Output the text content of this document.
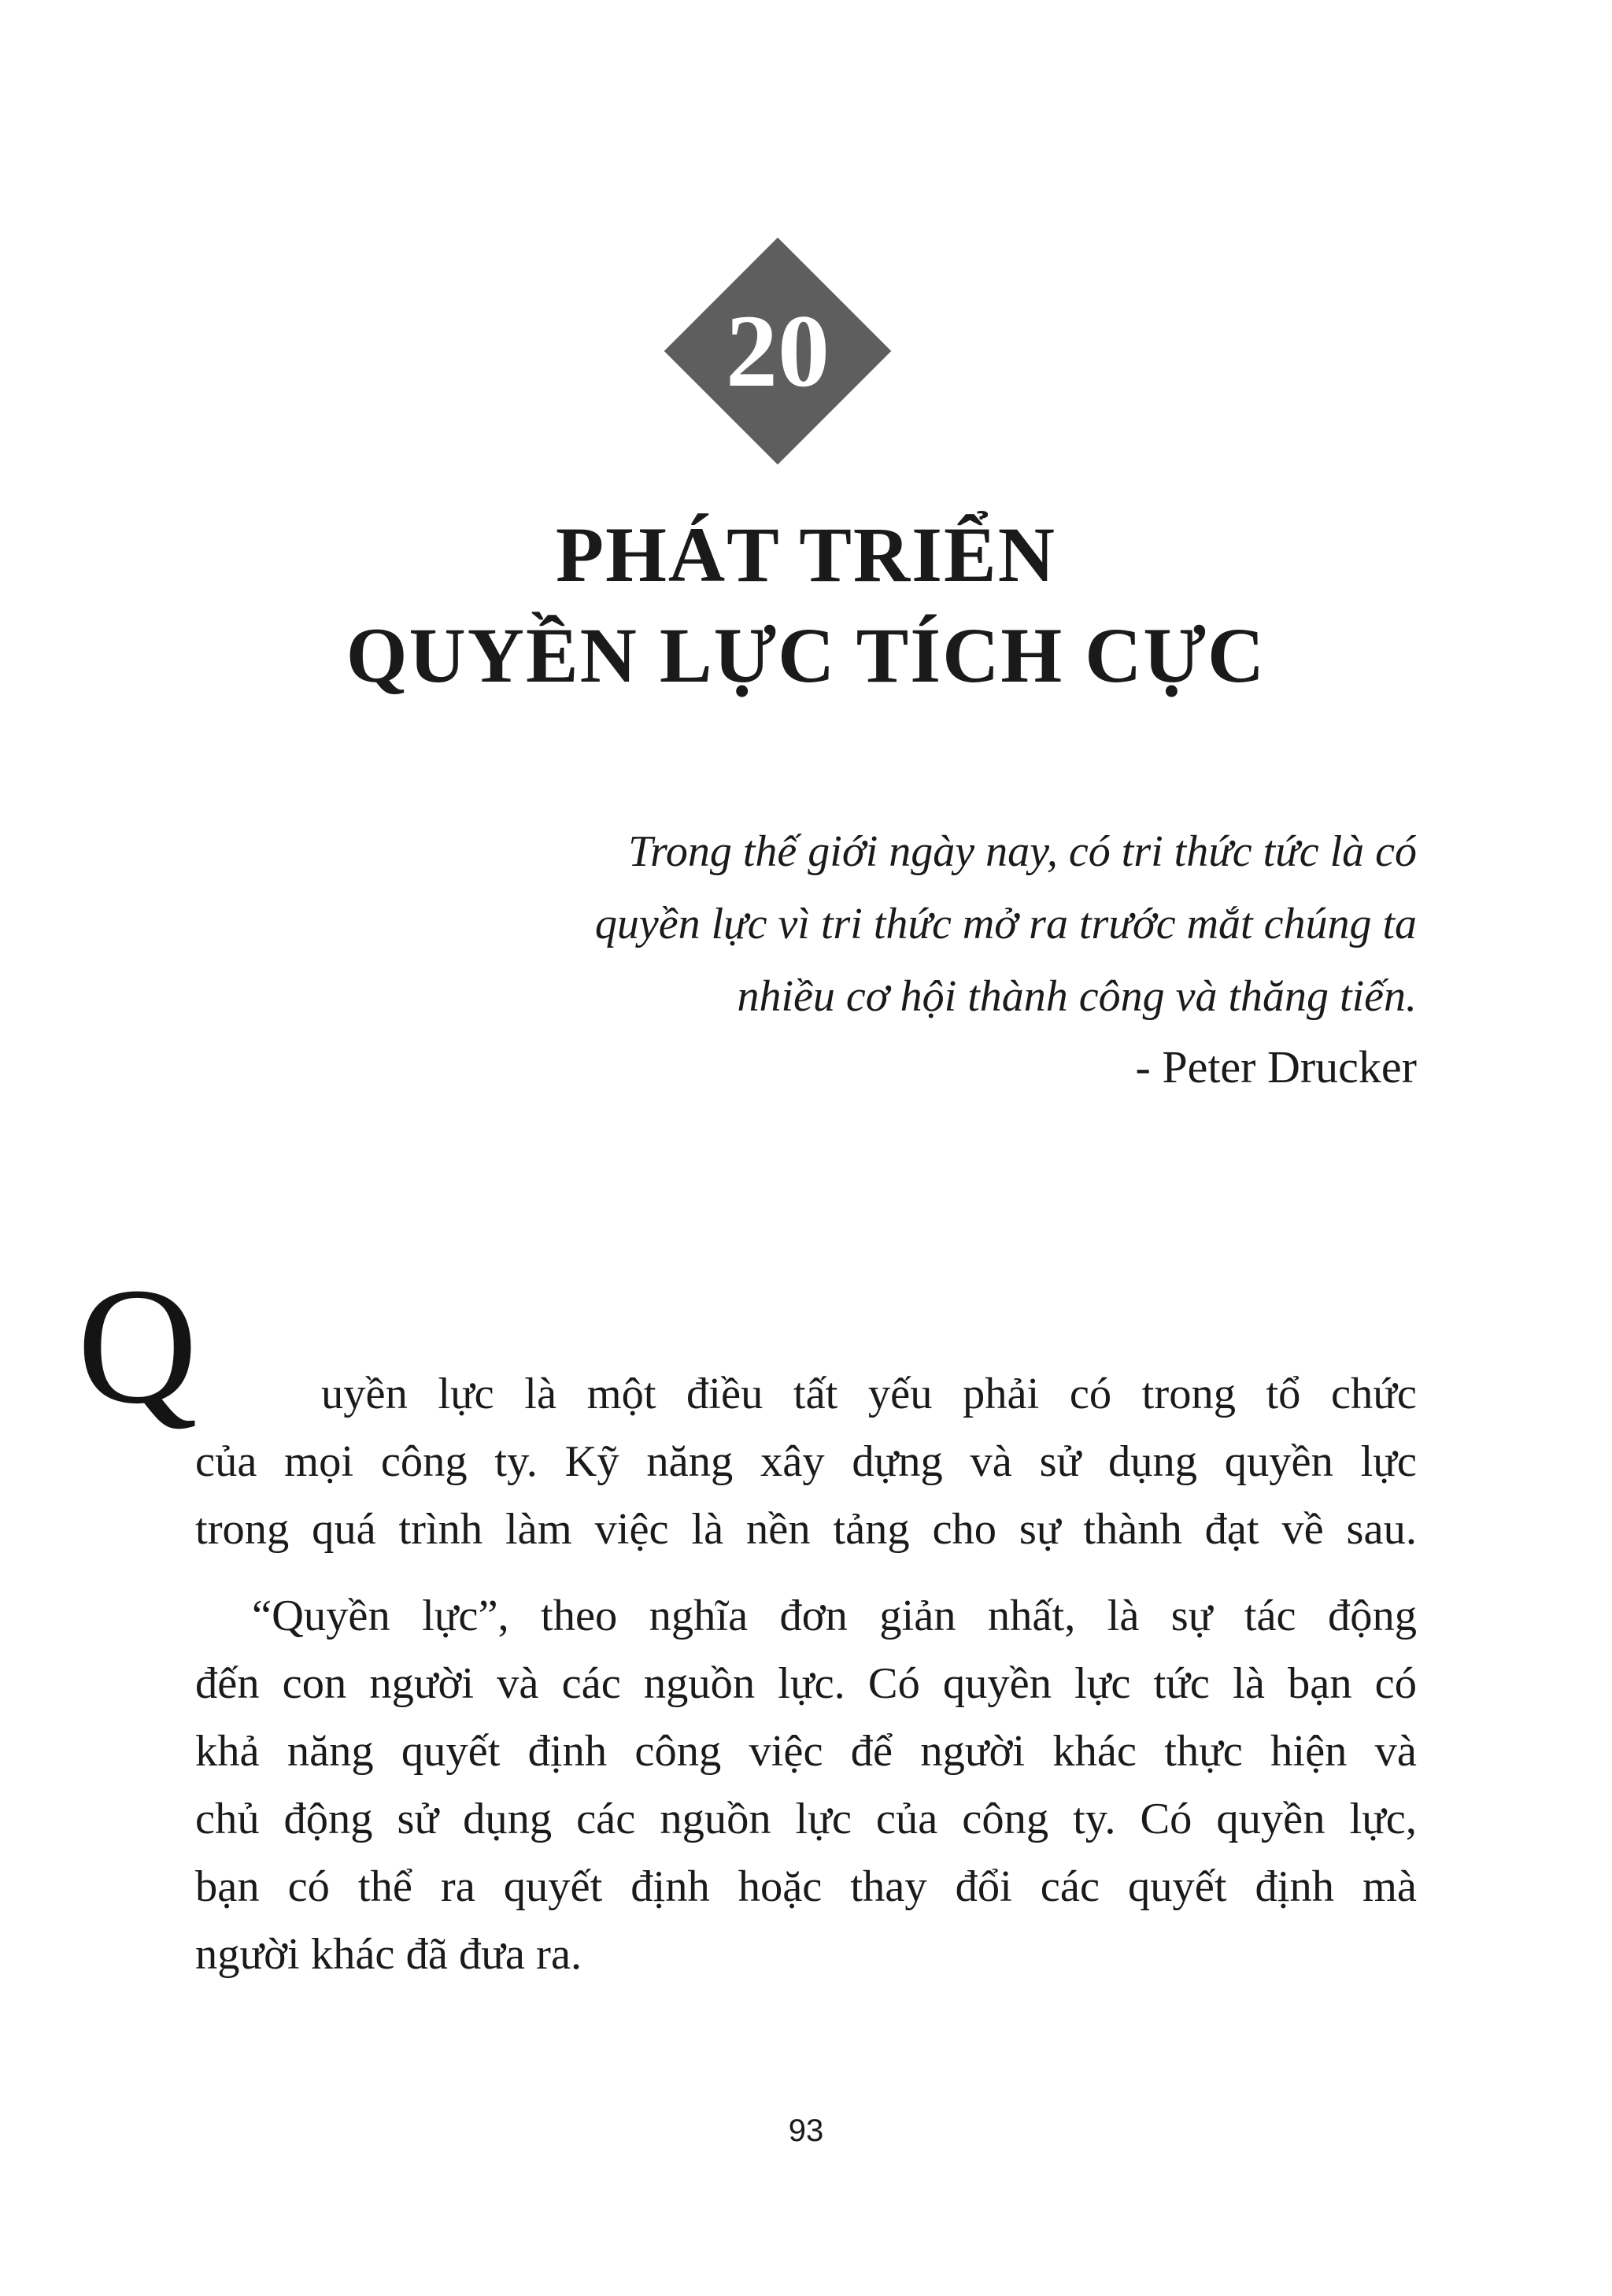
20
PHÁT TRIỂN
QUYỀN LỰC TÍCH CỰC
Trong thế giới ngày nay, có tri thức tức là có
quyền lực vì tri thức mở ra trước mắt chúng ta
nhiều cơ hội thành công và thăng tiến.
- Peter Drucker
Q	uyền lực là một điều tất yếu phải có trong tổ chức
của mọi công ty. Kỹ năng xây dựng và sử dụng quyền lực
trong quá trình làm việc là nền tảng cho sự thành đạt về sau.
“Quyền lực”, theo nghĩa đơn giản nhất, là sự tác động
đến con người và các nguồn lực. Có quyền lực tức là bạn có
khả năng quyết định công việc để người khác thực hiện và
chủ động sử dụng các nguồn lực của công ty. Có quyền lực,
bạn có thể ra quyết định hoặc thay đổi các quyết định mà
người khác đã đưa ra.
93
